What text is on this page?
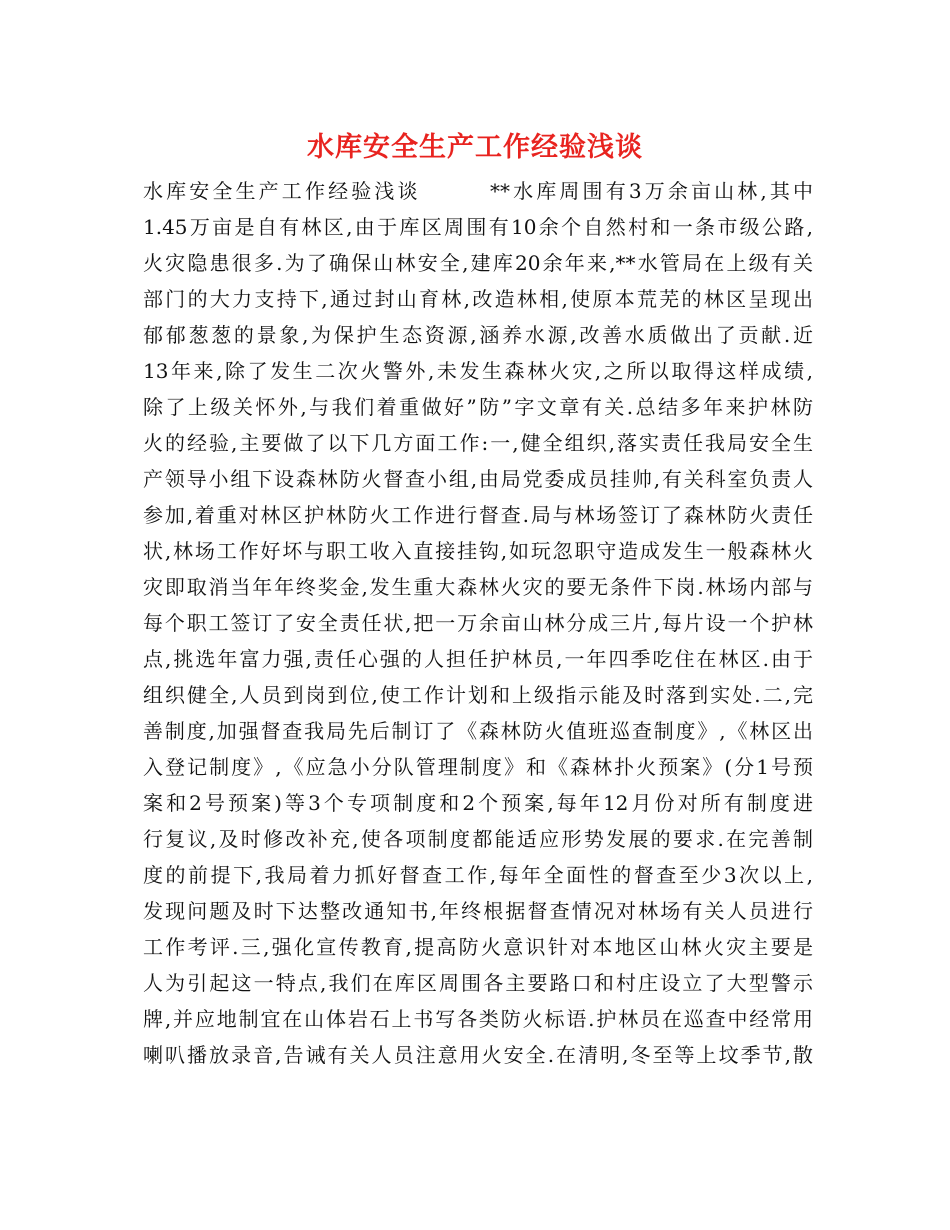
水库安全生产工作经验浅谈
水库安全生产工作经验浅谈　　　**水库周围有3万余亩山林,其中
1.45万亩是自有林区,由于库区周围有10余个自然村和一条市级公路,
火灾隐患很多.为了确保山林安全,建库20余年来,**水管局在上级有关
部门的大力支持下,通过封山育林,改造林相,使原本荒芜的林区呈现出
郁郁葱葱的景象,为保护生态资源,涵养水源,改善水质做出了贡献.近
13年来,除了发生二次火警外,未发生森林火灾,之所以取得这样成绩,
除了上级关怀外,与我们着重做好”防”字文章有关.总结多年来护林防
火的经验,主要做了以下几方面工作:一,健全组织,落实责任我局安全生
产领导小组下设森林防火督查小组,由局党委成员挂帅,有关科室负责人
参加,着重对林区护林防火工作进行督查.局与林场签订了森林防火责任
状,林场工作好坏与职工收入直接挂钩,如玩忽职守造成发生一般森林火
灾即取消当年年终奖金,发生重大森林火灾的要无条件下岗.林场内部与
每个职工签订了安全责任状,把一万余亩山林分成三片,每片设一个护林
点,挑选年富力强,责任心强的人担任护林员,一年四季吃住在林区.由于
组织健全,人员到岗到位,使工作计划和上级指示能及时落到实处.二,完
善制度,加强督查我局先后制订了《森林防火值班巡查制度》,《林区出
入登记制度》,《应急小分队管理制度》和《森林扑火预案》(分1号预
案和2号预案)等3个专项制度和2个预案,每年12月份对所有制度进
行复议,及时修改补充,使各项制度都能适应形势发展的要求.在完善制
度的前提下,我局着力抓好督查工作,每年全面性的督查至少3次以上,
发现问题及时下达整改通知书,年终根据督查情况对林场有关人员进行
工作考评.三,强化宣传教育,提高防火意识针对本地区山林火灾主要是
人为引起这一特点,我们在库区周围各主要路口和村庄设立了大型警示
牌,并应地制宜在山体岩石上书写各类防火标语.护林员在巡查中经常用
喇叭播放录音,告诫有关人员注意用火安全.在清明,冬至等上坟季节,散
